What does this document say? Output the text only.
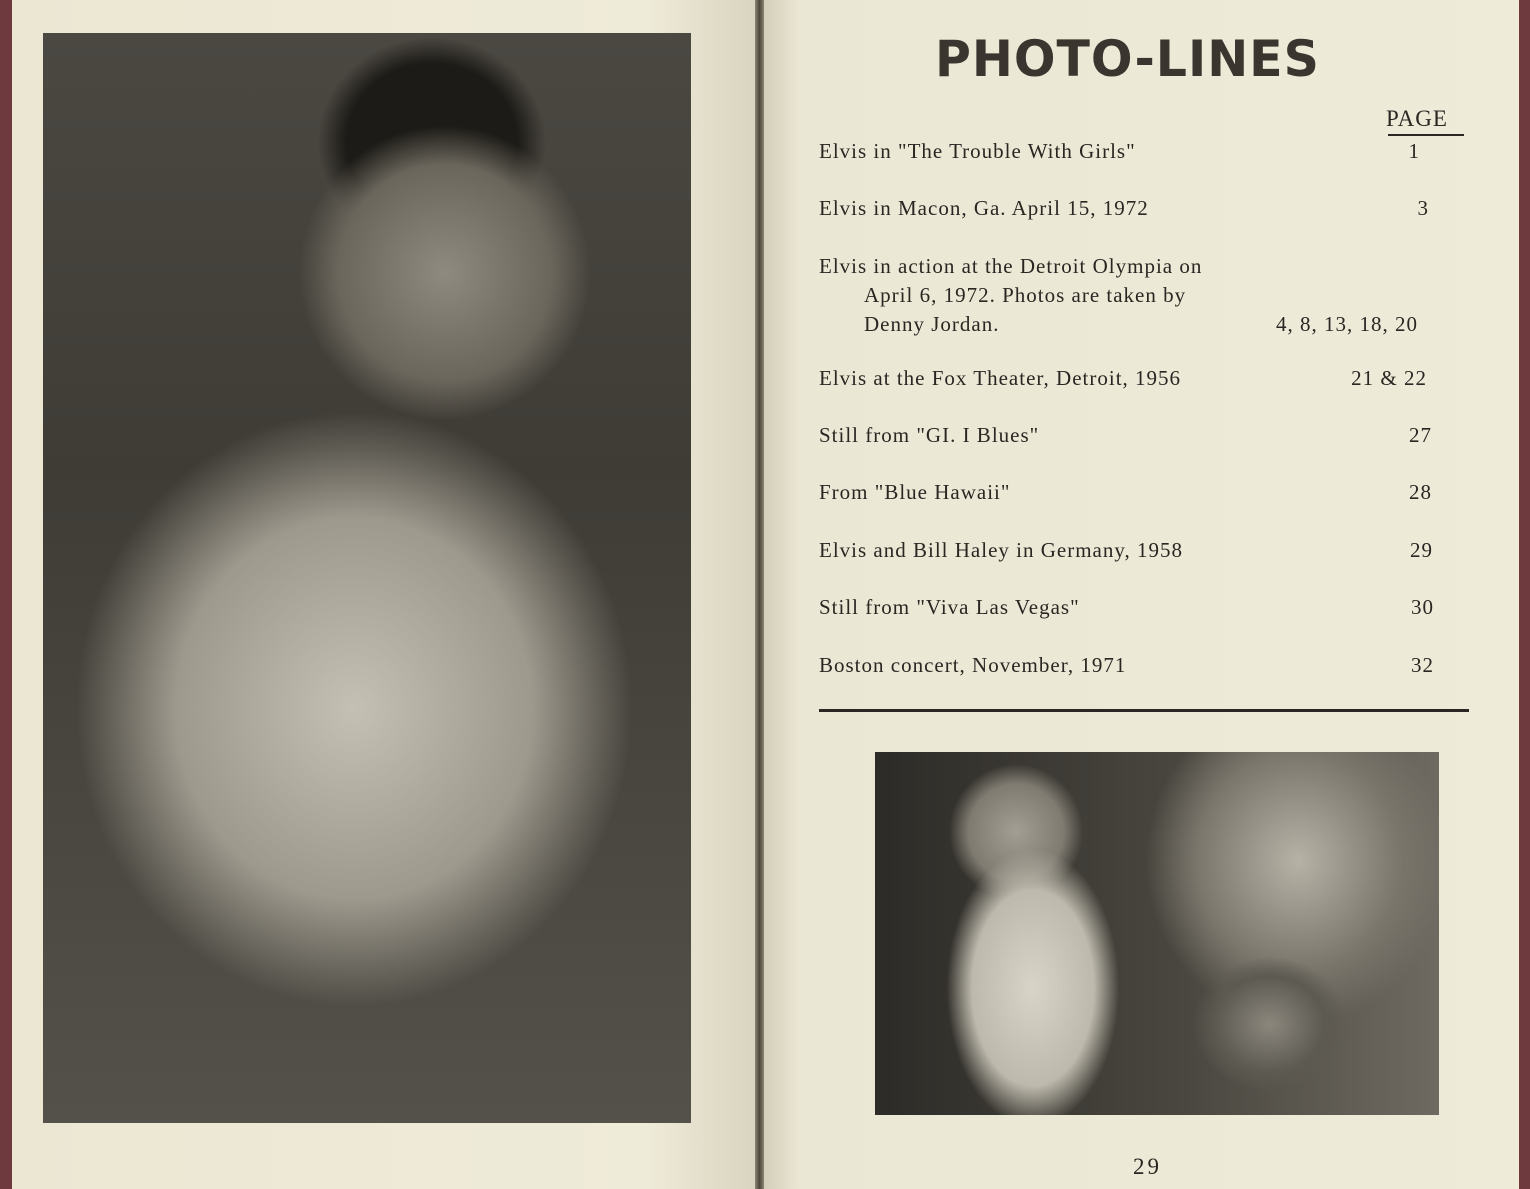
PHOTO-LINES
PAGE
Elvis in "The Trouble With Girls"	1
Elvis in Macon, Ga. April 15, 1972	3
Elvis in action at the Detroit Olympia on
April 6, 1972. Photos are taken by
Denny Jordan.	4, 8, 13, 18, 20
Elvis at the Fox Theater, Detroit, 1956	21 & 22
Still from "GI. I Blues"	27
From "Blue Hawaii"	28
Elvis and Bill Haley in Germany, 1958	29
Still from "Viva Las Vegas"	30
Boston concert, November, 1971	32
29
